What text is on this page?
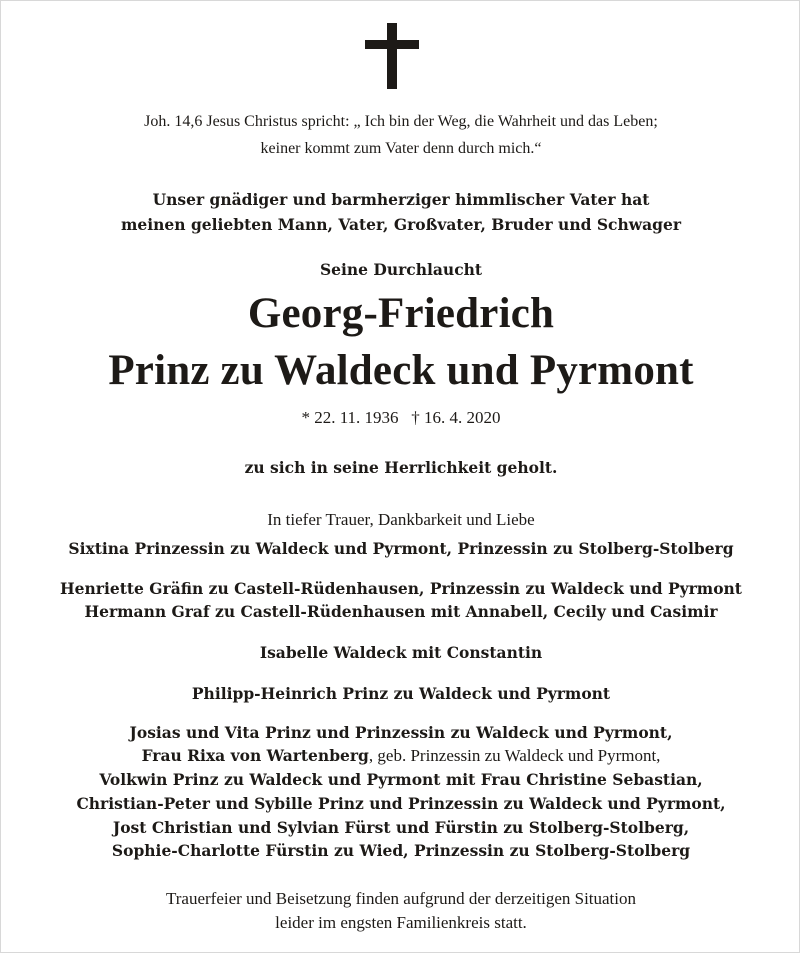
Joh. 14,6 Jesus Christus spricht: „ Ich bin der Weg, die Wahrheit und das Leben;
keiner kommt zum Vater denn durch mich.“
Unser gnädiger und barmherziger himmlischer Vater hat
meinen geliebten Mann, Vater, Großvater, Bruder und Schwager
Seine Durchlaucht
Georg-Friedrich
Prinz zu Waldeck und Pyrmont
* 22. 11. 1936   † 16. 4. 2020
zu sich in seine Herrlichkeit geholt.
In tiefer Trauer, Dankbarkeit und Liebe
Sixtina Prinzessin zu Waldeck und Pyrmont, Prinzessin zu Stolberg-Stolberg
Henriette Gräfin zu Castell-Rüdenhausen, Prinzessin zu Waldeck und Pyrmont
Hermann Graf zu Castell-Rüdenhausen mit Annabell, Cecily und Casimir
Isabelle Waldeck mit Constantin
Philipp-Heinrich Prinz zu Waldeck und Pyrmont
Josias und Vita Prinz und Prinzessin zu Waldeck und Pyrmont,
Frau Rixa von Wartenberg, geb. Prinzessin zu Waldeck und Pyrmont,
Volkwin Prinz zu Waldeck und Pyrmont mit Frau Christine Sebastian,
Christian-Peter und Sybille Prinz und Prinzessin zu Waldeck und Pyrmont,
Jost Christian und Sylvian Fürst und Fürstin zu Stolberg-Stolberg,
Sophie-Charlotte Fürstin zu Wied, Prinzessin zu Stolberg-Stolberg
Trauerfeier und Beisetzung finden aufgrund der derzeitigen Situation
leider im engsten Familienkreis statt.
